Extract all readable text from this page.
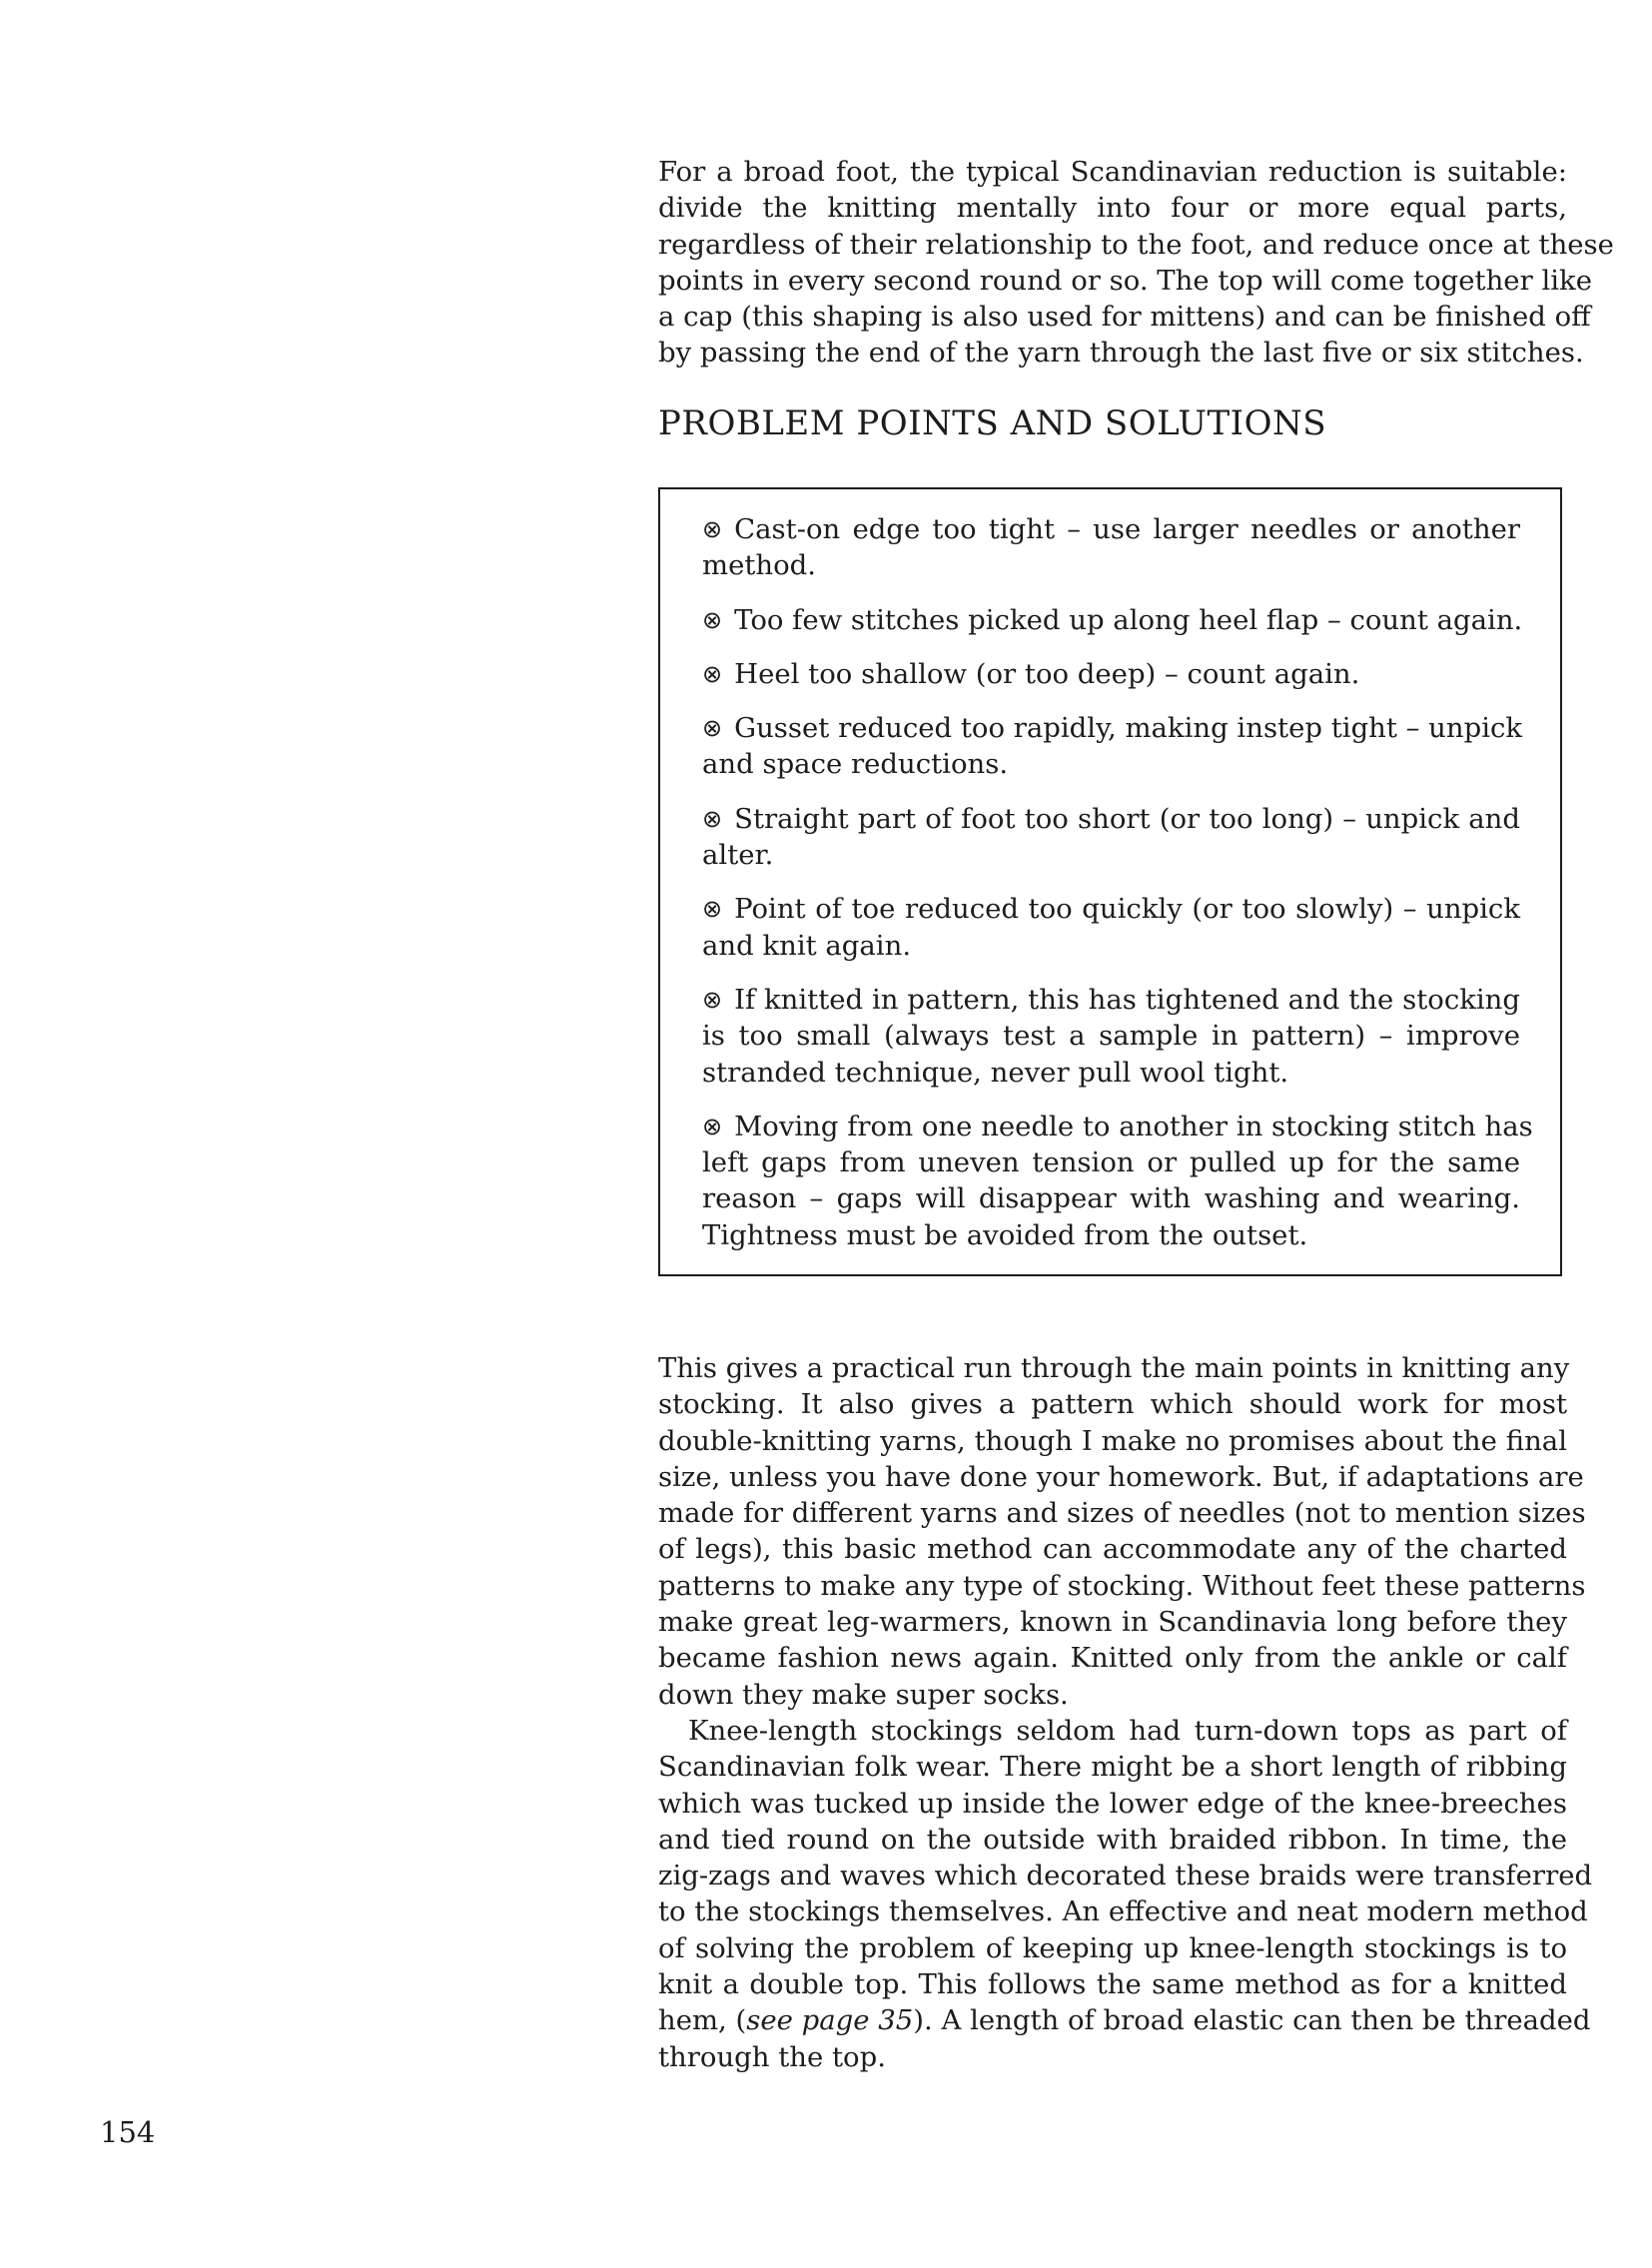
For a broad foot, the typical Scandinavian reduction is suitable:
divide the knitting mentally into four or more equal parts,
regardless of their relationship to the foot, and reduce once at these
points in every second round or so. The top will come together like
a cap (this shaping is also used for mittens) and can be finished off
by passing the end of the yarn through the last five or six stitches.

PROBLEM POINTS AND SOLUTIONS
⊗ Cast-on edge too tight – use larger needles or another
method.
⊗ Too few stitches picked up along heel flap – count again.
⊗ Heel too shallow (or too deep) – count again.
⊗ Gusset reduced too rapidly, making instep tight – unpick
and space reductions.
⊗ Straight part of foot too short (or too long) – unpick and
alter.
⊗ Point of toe reduced too quickly (or too slowly) – unpick
and knit again.
⊗ If knitted in pattern, this has tightened and the stocking
is too small (always test a sample in pattern) – improve
stranded technique, never pull wool tight.
⊗ Moving from one needle to another in stocking stitch has
left gaps from uneven tension or pulled up for the same
reason – gaps will disappear with washing and wearing.
Tightness must be avoided from the outset.

This gives a practical run through the main points in knitting any
stocking. It also gives a pattern which should work for most
double-knitting yarns, though I make no promises about the final
size, unless you have done your homework. But, if adaptations are
made for different yarns and sizes of needles (not to mention sizes
of legs), this basic method can accommodate any of the charted
patterns to make any type of stocking. Without feet these patterns
make great leg-warmers, known in Scandinavia long before they
became fashion news again. Knitted only from the ankle or calf
down they make super socks.

Knee-length stockings seldom had turn-down tops as part of
Scandinavian folk wear. There might be a short length of ribbing
which was tucked up inside the lower edge of the knee-breeches
and tied round on the outside with braided ribbon. In time, the
zig-zags and waves which decorated these braids were transferred
to the stockings themselves. An effective and neat modern method
of solving the problem of keeping up knee-length stockings is to
knit a double top. This follows the same method as for a knitted
hem, (see page 35). A length of broad elastic can then be threaded
through the top.

154
